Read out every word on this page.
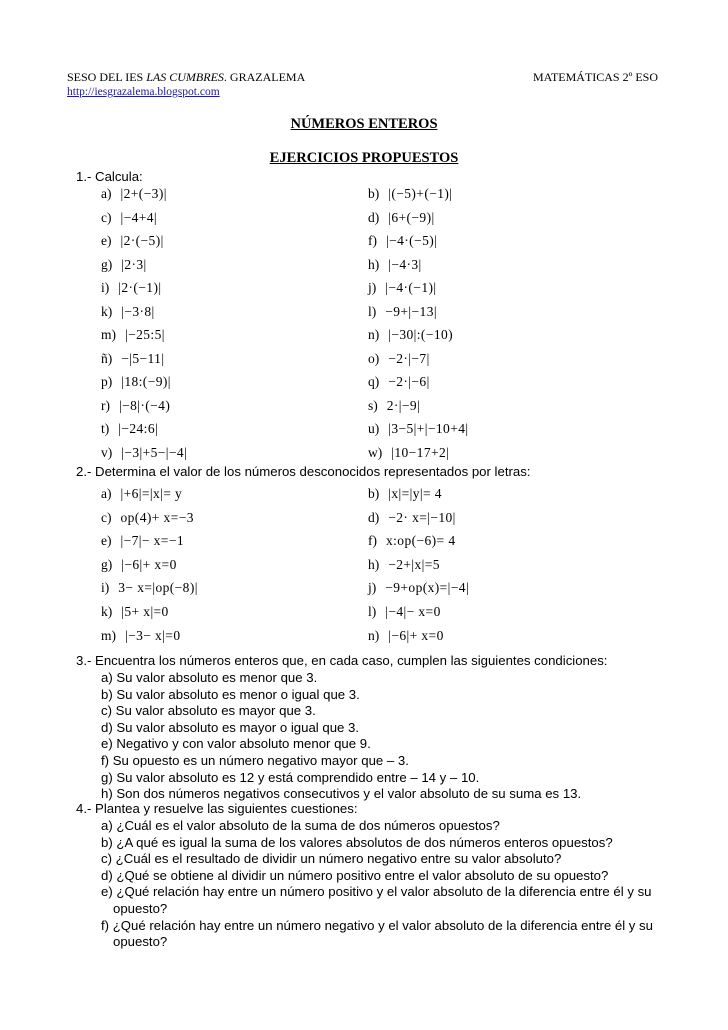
SESO DEL IES LAS CUMBRES. GRAZALEMA	MATEMÁTICAS 2º ESO
http://iesgrazalema.blogspot.com
NÚMEROS ENTEROS
EJERCICIOS PROPUESTOS
1.- Calcula:
a) |2+(−3)|	b) |(−5)+(−1)|
c) |−4+4|	d) |6+(−9)|
e) |2·(−5)|	f) |−4·(−5)|
g) |2·3|	h) |−4·3|
i) |2·(−1)|	j) |−4·(−1)|
k) |−3·8|	l) −9+|−13|
m) |−25:5|	n) |−30|:(−10)
ñ) −|5−11|	o) −2·|−7|
p) |18:(−9)|	q) −2·|−6|
r) |−8|·(−4)	s) 2·|−9|
t) |−24:6|	u) |3−5|+|−10+4|
v) |−3|+5−|−4|	w) |10−17+2|
2.- Determina el valor de los números desconocidos representados por letras:
a) |+6|=|x|= y	b) |x|=|y|= 4
c) op(4)+ x=−3	d) −2· x=|−10|
e) |−7|− x=−1	f) x:op(−6)= 4
g) |−6|+ x=0	h) −2+|x|=5
i) 3− x=|op(−8)|	j) −9+op(x)=|−4|
k) |5+ x|=0	l) |−4|− x=0
m) |−3− x|=0	n) |−6|+ x=0
3.- Encuentra los números enteros que, en cada caso, cumplen las siguientes condiciones:
a) Su valor absoluto es menor que 3.
b) Su valor absoluto es menor o igual que 3.
c) Su valor absoluto es mayor que 3.
d) Su valor absoluto es mayor o igual que 3.
e) Negativo y con valor absoluto menor que 9.
f) Su opuesto es un número negativo mayor que – 3.
g) Su valor absoluto es 12 y está comprendido entre – 14 y – 10.
h) Son dos números negativos consecutivos y el valor absoluto de su suma es 13.
4.- Plantea y resuelve las siguientes cuestiones:
a) ¿Cuál es el valor absoluto de la suma de dos números opuestos?
b) ¿A qué es igual la suma de los valores absolutos de dos números enteros opuestos?
c) ¿Cuál es el resultado de dividir un número negativo entre su valor absoluto?
d) ¿Qué se obtiene al dividir un número positivo entre el valor absoluto de su opuesto?
e) ¿Qué relación hay entre un número positivo y el valor absoluto de la diferencia entre él y su
opuesto?
f) ¿Qué relación hay entre un número negativo y el valor absoluto de la diferencia entre él y su
opuesto?
